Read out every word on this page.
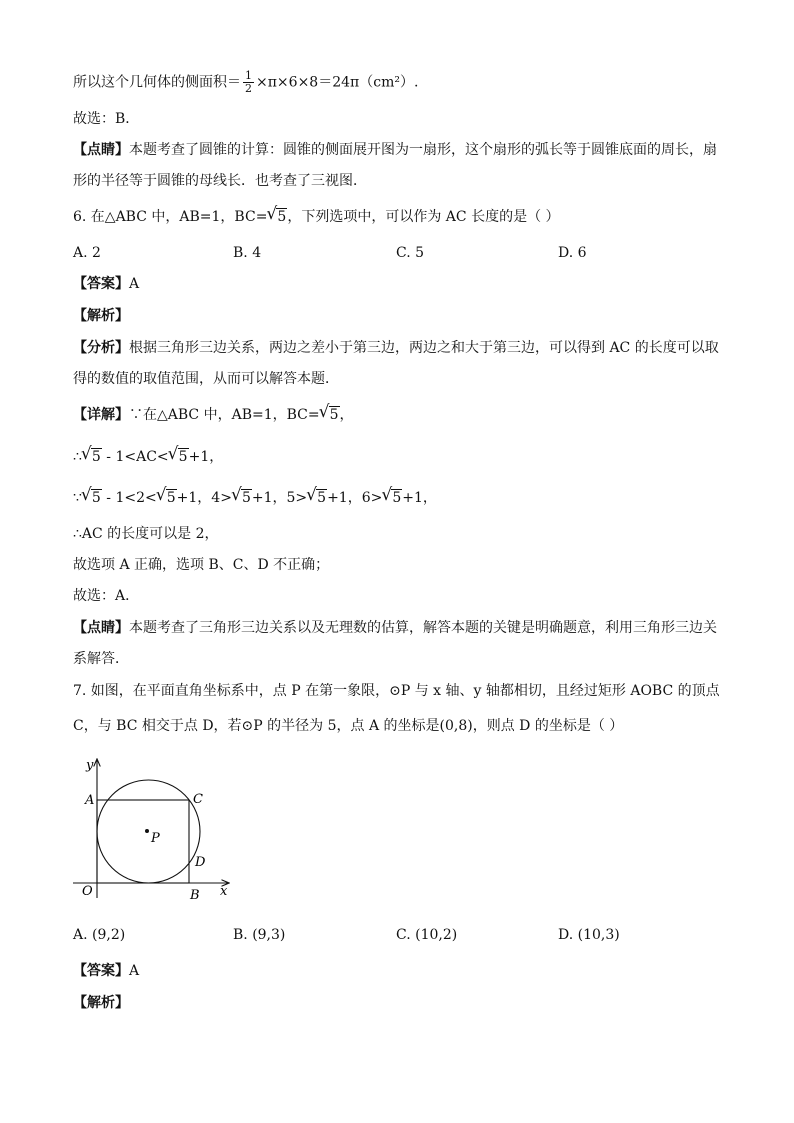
所以这个几何体的侧面积＝ $\frac{1}{2} \times\pi\times 6\times 8=24\pi(cm^2)$.
故选：B．
【点睛】本题考查了圆锥的计算：圆锥的侧面展开图为一扇形，这个扇形的弧长等于圆锥底面的周长，扇
形的半径等于圆锥的母线长．也考查了三视图．
6. 在△ABC 中，AB=1，BC= √ 5，下列选项中，可以作为 AC 长度的是（ ）
A. 2	B. 4	C. 5	D. 6
【答案】A
【解析】
【分析】根据三角形三边关系，两边之差小于第三边，两边之和大于第三边，可以得到 AC 的长度可以取
得的数值的取值范围，从而可以解答本题．
【详解】∵在△ABC 中，AB=1，BC= √ 5，
∴ √ 5 - 1<AC< √ 5+1，
∵ √ 5 - 1<2< √ 5+1，4> √ 5+1，5> √ 5+1，6> √ 5+1，
∴AC 的长度可以是 2，
故选项 A 正确，选项 B、C、D 不正确；
故选：A．
【点睛】本题考查了三角形三边关系以及无理数的估算，解答本题的关键是明确题意，利用三角形三边关
系解答．
7. 如图，在平面直角坐标系中，点 P 在第一象限，⊙P 与 x 轴、y 轴都相切，且经过矩形 AOBC 的顶点
C，与 BC 相交于点 D，若⊙P 的半径为 5，点 A 的坐标是(0,8)，则点 D 的坐标是（ ）
y
x
A	C
P
D
O	B
A. (9,2)	B. (9,3)	C. (10,2)	D. (10,3)
【答案】A
【解析】
